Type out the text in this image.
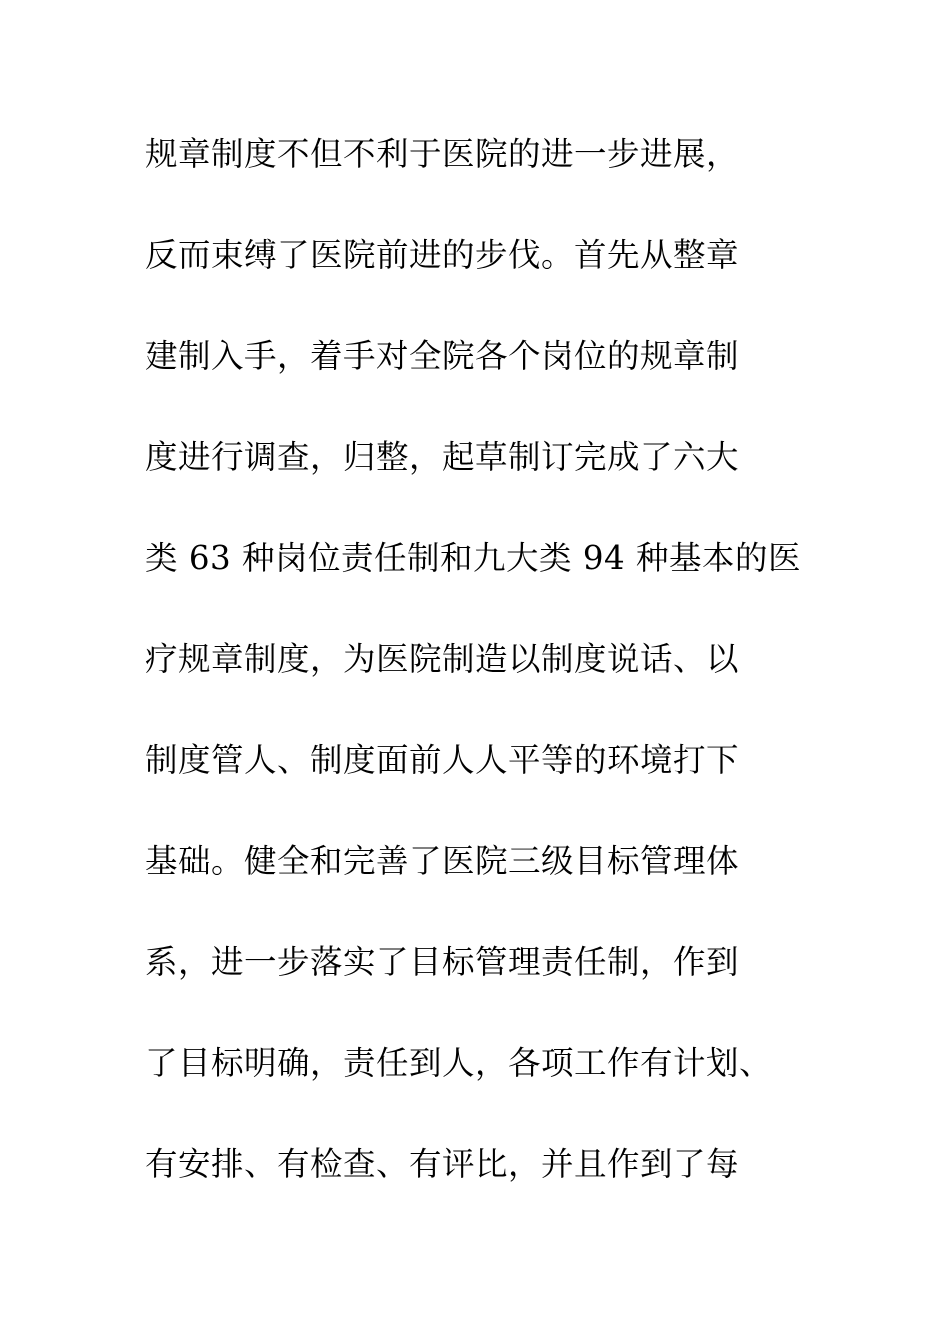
规章制度不但不利于医院的进一步进展，
反而束缚了医院前进的步伐。首先从整章
建制入手，着手对全院各个岗位的规章制
度进行调查，归整，起草制订完成了六大
类 63 种岗位责任制和九大类 94 种基本的医
疗规章制度，为医院制造以制度说话、以
制度管人、制度面前人人平等的环境打下
基础。健全和完善了医院三级目标管理体
系，进一步落实了目标管理责任制，作到
了目标明确，责任到人，各项工作有计划、
有安排、有检查、有评比，并且作到了每
